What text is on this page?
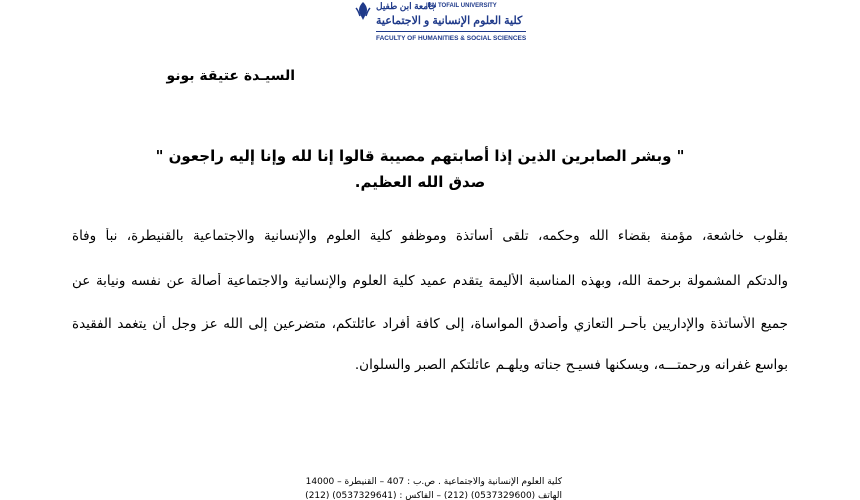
جامعة ابن طفيل
IBN TOFAIL UNIVERSITY
كلية العلوم الإنسانية و الاجتماعية
FACULTY OF HUMANITIES & SOCIAL SCIENCES
السيـدة عتيقة بونو
" وبشر الصابرين الذين إذا أصابتهم مصيبة قالوا إنا لله وإنا إليه راجعون "
صدق الله العظيم.
بقلوب خاشعة، مؤمنة بقضاء الله وحكمه، تلقى أساتذة وموظفو كلية العلوم والإنسانية والاجتماعية بالقنيطرة، نبأ وفاة
والدتكم المشمولة برحمة الله، وبهذه المناسبة الأليمة يتقدم عميد كلية العلوم والإنسانية والاجتماعية أصالة عن نفسه ونيابة عن
جميع الأساتذة والإداريين بأحـر التعازي وأصدق المواساة، إلى كافة أفراد عائلتكم، متضرعين إلى الله عز وجل أن يتغمد الفقيدة
بواسع غفرانه ورحمتـــه، ويسكنها فسيـح جناته ويلهـم عائلتكم الصبر والسلوان.
كلية العلوم الإنسانية والاجتماعية . ص.ب : 407 – القنيطرة – 14000
الهاتف (0537329600) (212) – الفاكس : (0537329641) (212)
